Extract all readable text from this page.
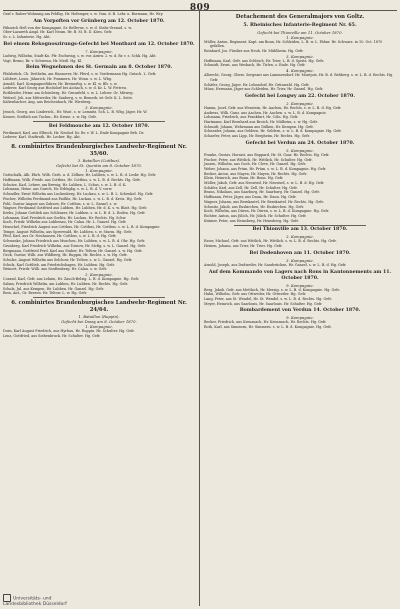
809

Graf v. Balzer-Wohnung am Feldbg. Hr. Hofemper, s. w. Vom. d. B. Lehr. u. Bormann, Hr. Wry.

Am Vorpoften vor Grünberg am 12. October 1870.

Fähnrich Heß von der Kompagnie, Sr. Bellevue, s. w. d. Stabs-Grenad. s. w.

Ober-Lazareth Ampl. Hr. Karl Neum. Hr. B. M. B. D. Körn. Gefr.

Sr. s. L. Infanterie. Hg. Abt.

Bei einem Rekognoszirungs-Gefecht bei Montbard am 12. October 1870.
7. Kompagnie.

Ludwig, Wilhelm, Stadt-Kn. Pfr. Eschwing, s. w. vor. Armw. 2. w. d. Rr. r. s. Schk. Hg. Abt.

Vogt, Bruno, Br. v. Schwenn, Hr. Meiß. Hg. Kl.

Beim Wegnehmen des St. Germain am 8. October 1870.

Pfalzbrück, Ch. Deithelm, am Hannover, Hr. Pferd, s. w. Vordermann Hg. Gutsch. L. Gefr.

Lübbert, Louis. Jähnrich, Hr. Pommern. Hr. Wonn. s. w. L. Wbg.

Arnold, Karl. Kompagnieführer, Hr. Bremerbg. s. w. Kl. w. Blt. s. w.

Lederer, Karl Georg aus Hochdorf bei Aichach, s. w. d. Kr. L. W. Fettreu.

Rothleider, Heinr. am Schönberg, Hr. Grunsfeld, s. w. L. Lehrer. Gr. Mitweg.

Weitzel, Joh. aus Mittweiler, Hr. Sanberg, s. w. Bemerk. ist Gefr. K. L. Seite.

Kaltenbacher, Ang. aus Reichenbach, Hr. Wirzberg.

3. Kompagnie.

Jensch, Georg, aus Lindersch., Hr. Wust. s. w. Lemnitz. Sch. L. B. Wbg. Jäger. Hr. W.

Kroner, Gottlieb aus Tuchm., Hr. Krone. s. w. Hg. Gefr.

Bei Feldmouche am 12. October 1870.

Ferdinand, Karl, aus Elbisch, Hr. Neuhof. Kr. Br. v. W. L. Ende Kompagnie Beh. Dr.

Lederer, Karl. Stadtrath, Hr. Lecker. Hg. Abt.

8. combinirtes Brandenburgisches Landwehr-Regiment Nr. 35/60.
3. Bataillon (Cottbus).
Gefecht bei St. Quentin am 8. October 1870.
1. Kompagnie.

Gottschalk, Alb. Ehrh. Wilh. Gerh. u. d. Zöllner, Hr. Lubben, s. w. L. B. d. Lesbr. Hg. Gefr.

Hoffmann, Wilh. Freidr. aus Cottbus, Hr. Cottbus, s. w. L. B. d. Rechts. Hg. Gefr.

Schutze, Karl, Lehrer, am Brewig, Hr. Lubben, L. Schus, s. w. L. B. d. K.

Lehmann, Heinr. aus Gurich, Hr. Erbhgbg. s. w. L. B. d. V. vorw.

Schindler, Ernst Wilhelm aus Luckenberg, Hr. Luckau, s. w. L. B. L. Schenkel. Hg. Gefr.

Fischer, Wilhelm Ferdinand aus Fadlitz, Hr. Luckau. s. w. L. B. d. Kreis. Hg. Gefr.

Pohl, Gustav August aus Zahsow, Hr. Cottbus, s. w. L. Ganzel. s. w.

Wagner, Ferdinand Gottfried aus Lubben, Hr. Lubben, Hr. d. K. s. w. Blatt. Hg. Gefr.

Krebs, Johann Gottlieb aus Schlenzer, Hr. Lubben. s. w. L. B. d. L. Roden. Hg. Gefr.

Lehmann, Karl Friedrich aus Gorlitz, Hr. Luckau. Hr. Rechts. Hg. Schw.

Koch, Friedr. Wilhelm aus Lubbenau, Hr. Calau. Hr. L. Ganzel. Hg. Gefr.

Henschel, Friedrich August aus Cottbus, Hr. Cottbus, Hr. Cottbus. s. w. L. B. d. Kompagnie.

Tempe, August Wilhelm, aus Spreewald, Hr. Lubben. s. w. Sturm. Hg. Gefr.

Pfeil, Karl, aus Gr. Neuhausen, Hr. Cottbus, s. w. L. B. d. Hg. Gefr.

Schwanke, Johann Friedrich aus Muschen, Hr. Lubben, s. w. L. B. d. Ohr. Hg. Gefr.

Grunberg, Karl Friedrich Wilhelm, aus Tornow, Hr. Mcfig, s. w. L. Ganzel. Hg. Gefr.

Bergmann, Gottfried Ferd. Karl aus Stuber, Hr. Teltow, Hr. Ganzel. s. w. Hg. Gefr.

Geck, Gustav, Wilh. aus Wildberg, Hr. Ruppin, Hr. Rechts. s. w. Hg. Gefr.

Schulze, August Wilhelm aus Selchow, Hr. Teltow, s. w. L. Ganzel. Hg. Gefr.

Schulz, Karl Gottlieb, am Friedrichshagen, Hr. Lubben. Hg. Gefr.

Weinert, Friedr. Wilh. aus Senftenberg. Hr. Calau. s. w. Gefr.

2. Kompagnie.

Conrad, Karl, Gefr. aus Lehnin, Hr. Zauch-Belzig. L. B. d. Kompagnie. Hg. Gefr.

Saban, Friedrich Wilhelm, am Lubben, Hr. Lubben. Hr. Rechts. Hg. Gefr.

Schulz, Jul. aus Kempen, Hr. Lubben. Hr. Ganzel. Hg. Gefr.

Rein, Ant., Gr. Beeren. Hr. Teltow. L. w. Hg. Gefr.

6. combinirtes Brandenburgisches Landwehr-Regiment Nr. 24/64.
1. Bataillon (Ruppin).
Gefecht bei Dassy am 8. October 1870.
1. Kompagnie.

Dorn, Karl August Friedrich, aus Hyrbau, Hr. Ruppin. Hr. Schulter. Hg. Gefr.

Lenz, Gottfried, aus Siebenbruck. Hr. Schulter. Hg. Gefr.

Detachement des Generalmajors von Goltz.
5. Rheinisches Infanterie-Regiment Nr. 65.
Gefecht bei Thionville am 11. October 1870.
1. Kompagnie.

Müller, Anton, Regiment. Kapt. am Bonn, Hr. Schleiden, L. B. w. L. Fähnr. Hr. Schwarz. in 10. Oct. 1870 gefallen.

Reinhard, Jos. Füsilier aus Neuh. Hr. Mühlheim. Hg. Gefr.

3. Kompagnie.

Hoffmann, Karl, Gefr. aus Schleich, Hr. Trier, L. B. d. Spritz. Hg. Gefr.

Schmidt, Ernst, aus Wesbach, Hr. Tirlen, s. Ende. Hg. Gefr.

4. Kompagnie.

Albrecht, Georg, Obers. Sergeant aus Lammersdorf, Hr. Montjoie, Hr. B. d. Rehberg. s. w. L. B. d. Rechts. Hg. Gefr.

Schäfer, Georg, Jäger. Hr. Lehnsdorf, Hr. Grünwald. Hg. Gefr.

Münz, Hermann, Jäger aus Schleiden, Hr. Trier, Hr. Ganzel. Hg. Gefr.

Gefecht bei Longwy am 22. October 1870.
2. Kompagnie.

Hamm, Josef, Gefr. aus Wenstein, Hr. Aachen, Hr. Rechts, s. w. L. B. d. Hg. Gefr.

Andreas, Wilh. Ganz. aus Aachen, Hr. Aachen. s. w. L. B. d. Kompagnie.

Lohmann, Friedrich, aus Frankfurt, Hr. Cöln. Hg. Gefr.

Hartmann, Karl Bernhard aus Broich, Hr. Mülheim, s. w. Hg. Gefr.

Schmidt, Johann, Wehrmann aus Dülken, Hr. Kempen. Hg. Gefr.

Schneider, Johann, aus Geldern, Hr. Geldern, s. w. L. B. d. Kompagnie. Hg. Gefr.

Schaefer, Peter, aus Lipp, Hr. Bergheim, Hr. Rechts. Hg. Gefr.

Gefecht bei Verdun am 24. October 1870.
5. Kompagnie.

Franke, Gustav, Hornist, aus Boppard, Hr. St. Goar. Hr. Rechts. Hg. Gefr.

Fischer, Peter, aus Wittlich, Hr. Wittlich, Hr. Schulter. Hg. Gefr.

Jansen, Wilhelm, aus Goch, Hr. Cleve, Hr. Ganzel. Hg. Gefr.

Weber, Johann, aus Prüm, Hr. Prüm. s. w. L. B. d. Kompagnie. Hg. Gefr.

Becker, Anton, aus Mayen, Hr. Mayen, Hr. Rechts. Hg. Gefr.

Klein, Heinrich, aus Bonn, Hr. Bonn. Hg. Gefr.

Müller, Jakob, Gefr. aus Neuwied, Hr. Neuwied, s. w. L. B. d. Hg. Gefr.

Schäfer, Karl, aus Zell, Hr. Zell, Hr. Schulter. Hg. Gefr.

Braun, Nikolaus, aus Saarburg, Hr. Saarburg. Hr. Ganzel. Hg. Gefr.

Hoffmann, Peter, Jäger, aus Daun, Hr. Daun. Hg. Gefr.

Wagner, Johann, aus Bernkastel, Hr. Bernkastel. Hr. Rechts. Hg. Gefr.

Schmitz, Jakob, aus Euskirchen, Hr. Euskirchen. Hg. Gefr.

Koch, Wilhelm, aus Düren, Hr. Düren, s. w. L. B. d. Kompagnie. Hg. Gefr.

Richter, Anton, aus Jülich, Hr. Jülich. Hr. Schulter. Hg. Gefr.

Krämer, Peter, aus Heinsberg, Hr. Heinsberg. Hg. Gefr.

Bei Thionville am 13. October 1870.
2. Kompagnie.

Esser, Michael, Gefr. aus Wittlich, Hr. Wittlich, s. w. L. B. d. Rechts. Hg. Gefr.

Heinen, Johann, aus Trier, Hr. Trier. Hg. Gefr.

Bei Dodenhoven am 11. October 1870.
3. Kompagnie.

Arnold, Joseph, aus Dudweiler, Hr. Saarbrücken, Hr. Ganzel, s. w. L. B. d. Hg. Gefr.

Auf dem Kommando von Lagers nach Rons in Kantonnements am 11. October 1870.
9. Kompagnie.

Berg, Jakob, Gefr. aus Mettlach, Hr. Merzig. s. w. L. B. d. Kompagnie. Hg. Gefr.

Hahn, Wilhelm, Gefr. aus Ottweiler, Hr. Ottweiler. Hg. Gefr.

Lang, Peter, aus St. Wendel, Hr. St. Wendel. s. w. L. B. d. Rechts. Hg. Gefr.

Meyer, Heinrich, aus Saarlouis, Hr. Saarlouis. Hr. Schulter. Hg. Gefr.

Bombardement von Verdun 14. October 1870.
9. Kompagnie.

Becker, Friedrich, aus Kreuznach, Hr. Kreuznach, Hr. Rechts. Hg. Gefr.

Roth, Karl, aus Simmern, Hr. Simmern. s. w. L. B. d. Kompagnie. Hg. Gefr.

Universitäts- und
Landesbibliothek Düsseldorf
